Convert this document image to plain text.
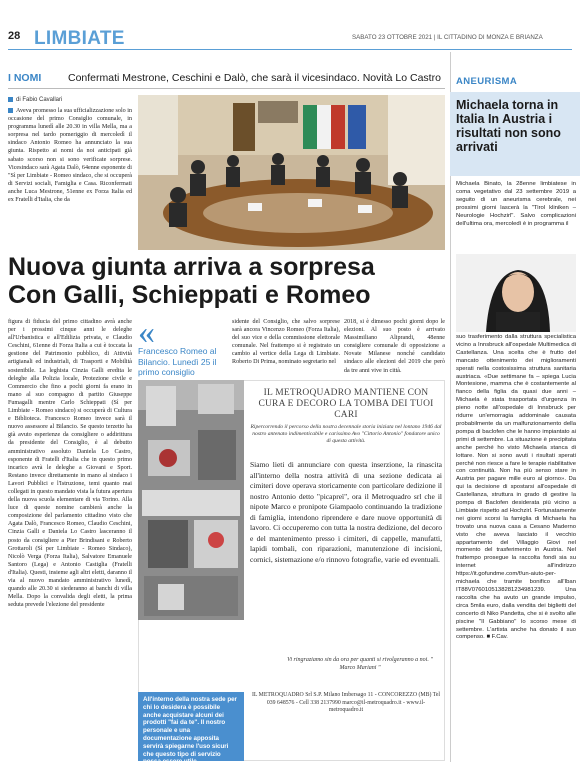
28 LIMBIATE	SABATO 23 OTTOBRE 2021 | IL CITTADINO DI MONZA E BRIANZA
I NOMI	Confermati Mestrone, Ceschini e Dalò, che sarà il vicesindaco. Novità Lo Castro
di Fabio Cavallari
Aveva promesso la sua ufficializzazione solo in occasione del primo Consiglio comunale, in programma lunedì alle 20.30 in villa Mella, ma a sorpresa nel tardo pomeriggio di mercoledì il sindaco Antonio Romeo ha annunciato la sua giunta. Rispetto ai nomi da noi anticipati già sabato scorso non si sono verificate sorprese. Vicesindaco sarà Agata Dalò, 64enne esponente di "Sì per Limbiate - Romeo sindaco, che si occuperà di Servizi sociali, Famiglia e Casa. Riconfermati anche Luca Mestrone, 51enne ex Forza Italia ed ex Fratelli d'Italia, che da
Nuova giunta arriva a sorpresa
Con Galli, Schieppati e Romeo
figura di fiducia del primo cittadino avrà anche per i prossimi cinque anni le deleghe all'Urbanistica e all'Edilizia privata, e Claudio Ceschini, 61enne di Forza Italia a cui è toccata la gestione del Patrimonio pubblico, di Attività artigianali ed industriali, di Trasporti e Mobilità sostenibile. La leghista Cinzia Galli eredita le deleghe alla Polizia locale, Protezione civile e Commercio che fino a pochi giorni fa erano in mano al suo compagno di partito Giuseppe Fumagalli mentre Carlo Schieppati (Sì per Limbiate - Romeo sindaco) si occuperà di Cultura e Biblioteca. Francesco Romeo invece sarà il nuovo assessore al Bilancio. Se questo terzetto ha già avuto esperienze da consigliere o addirittura da presidente del Consiglio, è al debutto amministrativo assoluto Daniela Lo Castro, esponente di Fratelli d'Italia che in questo primo incarico avrà le deleghe a Giovani e Sport. Restano invece direttamente in mano al sindaco i Lavori Pubblici e l'Istruzione, temi quanto mai collegati in questo mandato vista la futura apertura della nuova scuola elementare di via Torino. Alla luce di queste nomine cambierà anche la composizione del parlamento cittadino visto che Agata Dalò, Francesco Romeo, Claudio Ceschini, Cinzia Galli e Daniela Lo Castro lasceranno il posto da consigliere a Pier Brindisani e Roberto Grottaroli (Sì per Limbiate - Romeo Sindaco), Nicolò Verga (Forza Italia), Salvatore Emanuele Santoro (Lega) e Antonio Castiglia (Fratelli d'Italia). Questi, insieme agli altri eletti, daranno il via al nuovo mandato amministrativo lunedì, quando alle 20.30 si siederanno ai banchi di villa Mella. Dopo la convalida degli eletti, la prima seduta prevede l'elezione del presidente
«
Francesco Romeo al Bilancio. Lunedì 25 il primo consiglio
sidente del Consiglio, che salvo sorprese sarà ancora Vincenzo Romeo (Forza Italia), del suo vice e della commissione elettorale comunale. Nel frattempo si è registrato un cambio al vertice della Lega di Limbiate. Roberto Di Prima, nominato segretario nel
2018, si è dimesso pochi giorni dopo le elezioni. Al suo posto è arrivato Massimiliano Aliprandi, 48enne consigliere comunale di opposizione a Novate Milanese nonché candidato sindaco alle elezioni del 2019 che però da tre anni vive in città.
IL METROQUADRO MANTIENE CON CURA E DECORO LA TOMBA DEI TUOI CARI
Ripercorrendo il percorso della nostra decennale storia iniziata nel lontano 1946 dal nostro antenato indimenticabile e carissimo Avo "Cittorio Antonio" fondatore unico di questa attività.
Siamo lieti di annunciare con questa inserzione, la rinascita all'interno della nostra attività di una sezione dedicata ai cimiteri dove operava storicamente con particolare dedizione il nostro Antonio detto "picapreì", ora il Metroquadro srl che il nipote Marco e pronipote Giampaolo continuando la tradizione di famiglia, intendono riprendere e dare nuove opportunità di lavoro. Ci occuperemo con tutta la nostra dedizione, del decoro e del mantenimento presso i cimiteri, di cappelle, manufatti, lapidi tombali, con riparazioni, manutenzione di incisioni, cornici, sistemazione e/o rinnovo fotografie, varie ed eventuali.
Vi ringraziamo sin da ora per quanti si rivolgeranno a noi. " Marco Mariani "
IL METROQUADRO Srl S.P. Milano Imbersago 11 - CONCOREZZO (MB) Tel 039 648576 - Cell 338 2137990 marco@il-metroquadro.it - www.il-metroquadro.it
All'interno della nostra sede per chi lo desidera è possibile anche acquistare alcuni dei prodotti "fai da te". Il nostro personale e una documentazione apposita servirà spiegarne l'uso sicuri che questo tipo di servizio possa essere utile
ANEURISMA
Michaela torna in Italia In Austria i risultati non sono arrivati
Michaela Binato, la 28enne limbiatese in coma vegetativo dal 23 settembre 2019 a seguito di un aneurisma cerebrale, nei prossimi giorni lascerà la "Tirol kliniken – Neurologie Hochzirl". Salvo complicazioni dell'ultima ora, mercoledì è in programma il
suo trasferimento dalla struttura specialistica vicino a Innsbruck all'ospedale Multimedica di Castellanza. Una scelta che è frutto del mancato ottenimento dei miglioramenti sperati nella costosissima struttura sanitaria austriaca. «Due settimane fa – spiega Lucia Montesione, mamma che è costantemente al fianco della figlia da quasi due anni – Michaela è stata trasportata d'urgenza in pieno notte all'ospedale di Innsbruck per ridurre un'emorragia addominale causata probabilmente da un malfunzionamento della pompa di baclofen che le hanno impiantato ai primi di settembre. La situazione è precipitata anche perché ho visto Michaela stanca di lottare. Non si sono avuti i risultati sperati perché non riesce a fare le terapie riabilitative con continuità. Non ha più senso stare in Austria per pagare mille euro al giorno». Da qui la decisione di spostarsi all'ospedale di Castellanza, struttura in grado di gestire la pompa di Baclofen desiderata più vicino a Limbiate rispetto ad Hochzirl. Fortunatamente nei giorni scorsi la famiglia di Michaela ha trovato una nuova casa a Cesano Maderno visto che aveva lasciato il vecchio appartamento del Villaggio Giovi nel momento del trasferimento in Austria. Nel frattempo prosegue la raccolta fondi sia su internet all'indirizzo https://it.gofundme.com/f/un-aiuto-per-michaela che tramite bonifico all'Iban IT88V0760105138281234981239. Una raccolta che ha avuto un grande impulso, circa 5mila euro, dalla vendita dei biglietti del concerto di Niko Pandetta, che si è svolto alle piscine "Il Gabbiano" lo scorso mese di settembre. L'artista anche ha donato il suo compenso. ■ F.Cav.
